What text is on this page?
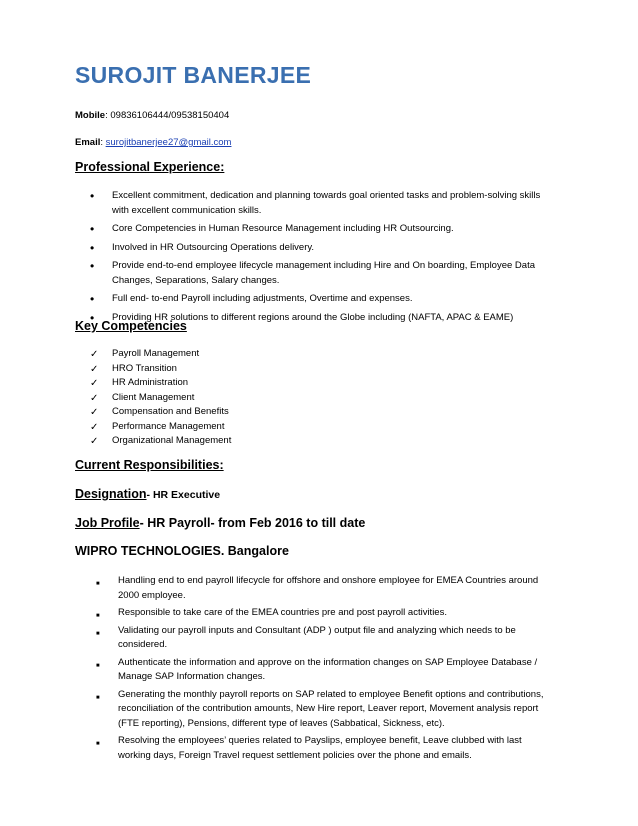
SUROJIT BANERJEE
Mobile: 09836106444/09538150404
Email: surojitbanerjee27@gmail.com
Professional Experience:
•
Excellent commitment, dedication and planning towards goal oriented tasks and problem-solving skills with excellent communication skills.
•
Core Competencies in Human Resource Management including HR Outsourcing.
•
Involved in HR Outsourcing Operations delivery.
•
Provide end-to-end employee lifecycle management including Hire and On boarding, Employee Data Changes, Separations, Salary changes.
•
Full end- to-end Payroll including adjustments, Overtime and expenses.
•
Providing HR solutions to different regions around the Globe including (NAFTA, APAC & EAME)
Key Competencies
✓
Payroll Management
✓
HRO Transition
✓
HR Administration
✓
Client Management
✓
Compensation and Benefits
✓
Performance Management
✓
Organizational Management
Current Responsibilities:
Designation- HR Executive
Job Profile- HR Payroll- from Feb 2016 to till date
WIPRO TECHNOLOGIES. Bangalore
■
Handling end to end payroll lifecycle for offshore and onshore employee for EMEA Countries around 2000 employee.
■
Responsible to take care of the EMEA countries pre and post payroll activities.
■
Validating our payroll inputs and Consultant (ADP ) output file and analyzing which needs to be considered.
■
Authenticate the information and approve on the information changes on SAP Employee Database / Manage SAP Information changes.
■
Generating the monthly payroll reports on SAP related to employee Benefit options and contributions, reconciliation of the contribution amounts, New Hire report, Leaver report, Movement analysis report (FTE reporting), Pensions, different type of leaves (Sabbatical, Sickness, etc).
■
Resolving the employees’ queries related to Payslips, employee benefit, Leave clubbed with last working days, Foreign Travel request settlement policies over the phone and emails.
